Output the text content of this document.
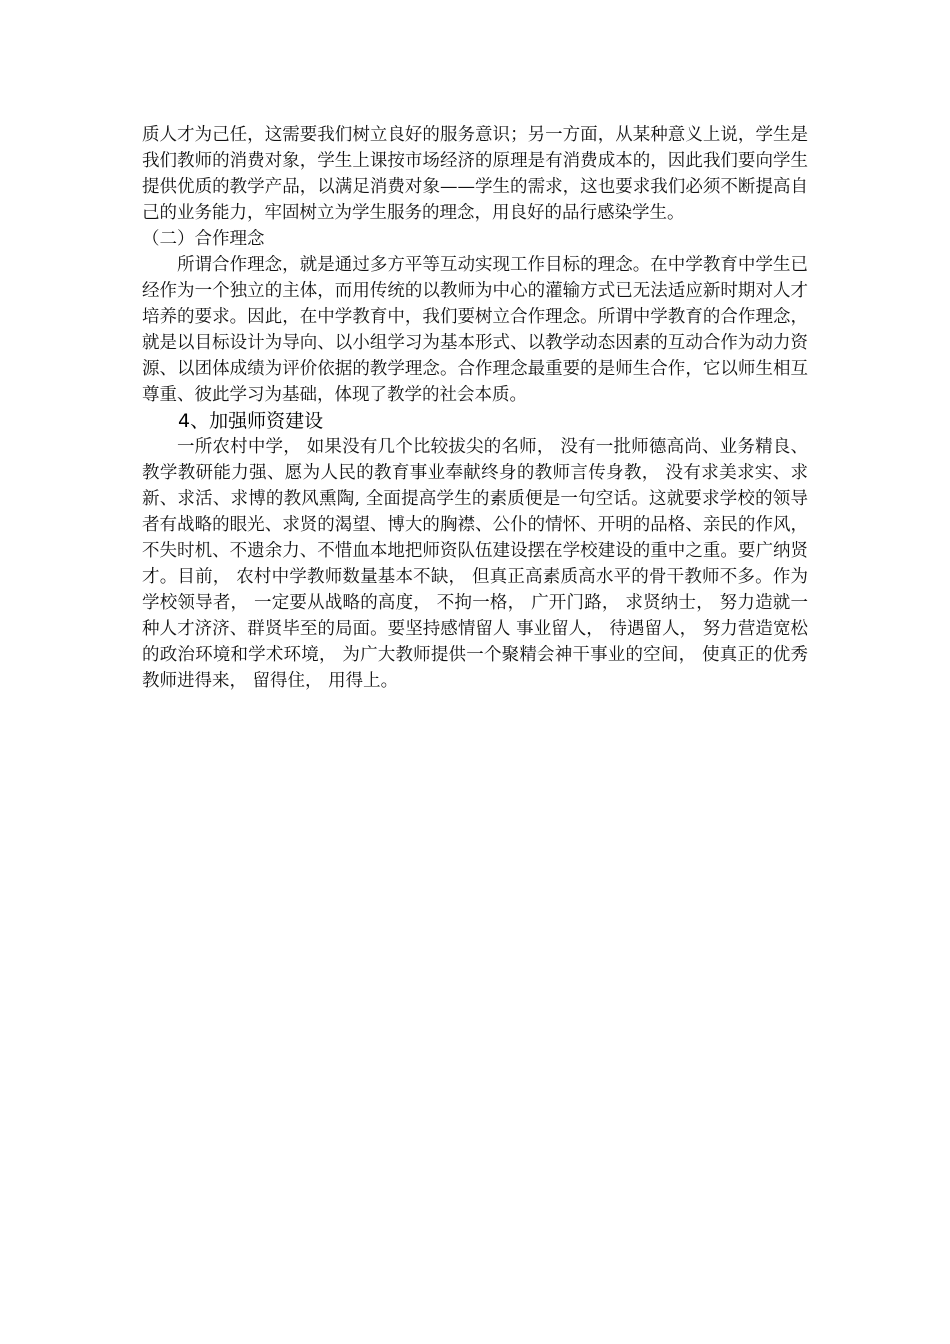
质人才为己任，这需要我们树立良好的服务意识；另一方面，从某种意义上说，学生是我们教师的消费对象，学生上课按市场经济的原理是有消费成本的，因此我们要向学生提供优质的教学产品，以满足消费对象——学生的需求，这也要求我们必须不断提高自己的业务能力，牢固树立为学生服务的理念，用良好的品行感染学生。

（二）合作理念

所谓合作理念，就是通过多方平等互动实现工作目标的理念。在中学教育中学生已经作为一个独立的主体，而用传统的以教师为中心的灌输方式已无法适应新时期对人才培养的要求。因此，在中学教育中，我们要树立合作理念。所谓中学教育的合作理念，就是以目标设计为导向、以小组学习为基本形式、以教学动态因素的互动合作为动力资源、以团体成绩为评价依据的教学理念。合作理念最重要的是师生合作，它以师生相互尊重、彼此学习为基础，体现了教学的社会本质。

4、加强师资建设

一所农村中学， 如果没有几个比较拔尖的名师， 没有一批师德高尚、业务精良、教学教研能力强、愿为人民的教育事业奉献终身的教师言传身教， 没有求美求实、求新、求活、求博的教风熏陶, 全面提高学生的素质便是一句空话。这就要求学校的领导者有战略的眼光、求贤的渴望、博大的胸襟、公仆的情怀、开明的品格、亲民的作风， 不失时机、不遗余力、不惜血本地把师资队伍建设摆在学校建设的重中之重。要广纳贤才。目前， 农村中学教师数量基本不缺， 但真正高素质高水平的骨干教师不多。作为学校领导者， 一定要从战略的高度， 不拘一格， 广开门路， 求贤纳士， 努力造就一种人才济济、群贤毕至的局面。要坚持感情留人 事业留人， 待遇留人， 努力营造宽松的政治环境和学术环境， 为广大教师提供一个聚精会神干事业的空间， 使真正的优秀教师进得来， 留得住， 用得上。
